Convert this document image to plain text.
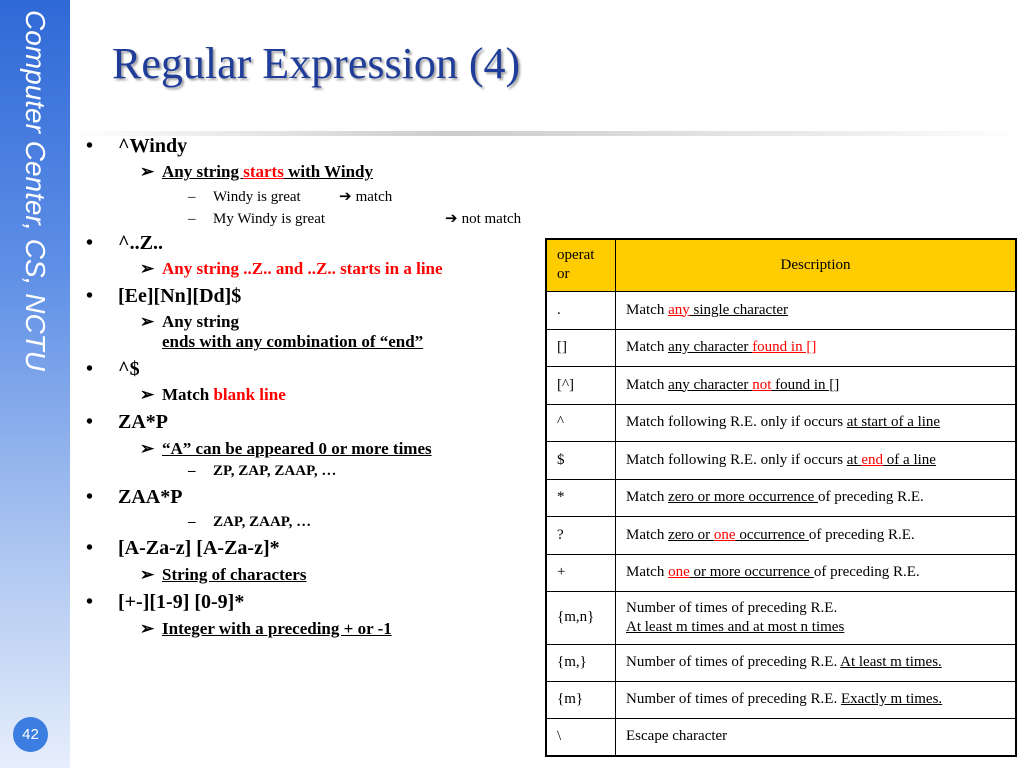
Computer Center, CS, NCTU
42
Regular Expression (4)
• ^Windy
➢ Any string starts with Windy
– Windy is great	➔ match
– My Windy is great	➔ not match
• ^..Z..
➢ Any string ..Z.. and ..Z.. starts in a line
• [Ee][Nn][Dd]$
➢ Any string
ends with any combination of “end”
• ^$
➢ Match blank line
• ZA*P
➢ “A” can be appeared 0 or more times
– ZP, ZAP, ZAAP, …
• ZAA*P
– ZAP, ZAAP, …
• [A-Za-z] [A-Za-z]*
➢ String of characters
• [+-][1-9] [0-9]*
➢ Integer with a preceding + or -1
operat
or	Description
.	Match any single character
[]	Match any character found in []
[^]	Match any character not found in []
^	Match following R.E. only if occurs at start of a line
$	Match following R.E. only if occurs at end of a line
*	Match zero or more occurrence of preceding R.E.
?	Match zero or one occurrence of preceding R.E.
+	Match one or more occurrence of preceding R.E.
{m,n}	Number of times of preceding R.E.
At least m times and at most n times
{m,}	Number of times of preceding R.E. At least m times.
{m}	Number of times of preceding R.E. Exactly m times.
\	Escape character
